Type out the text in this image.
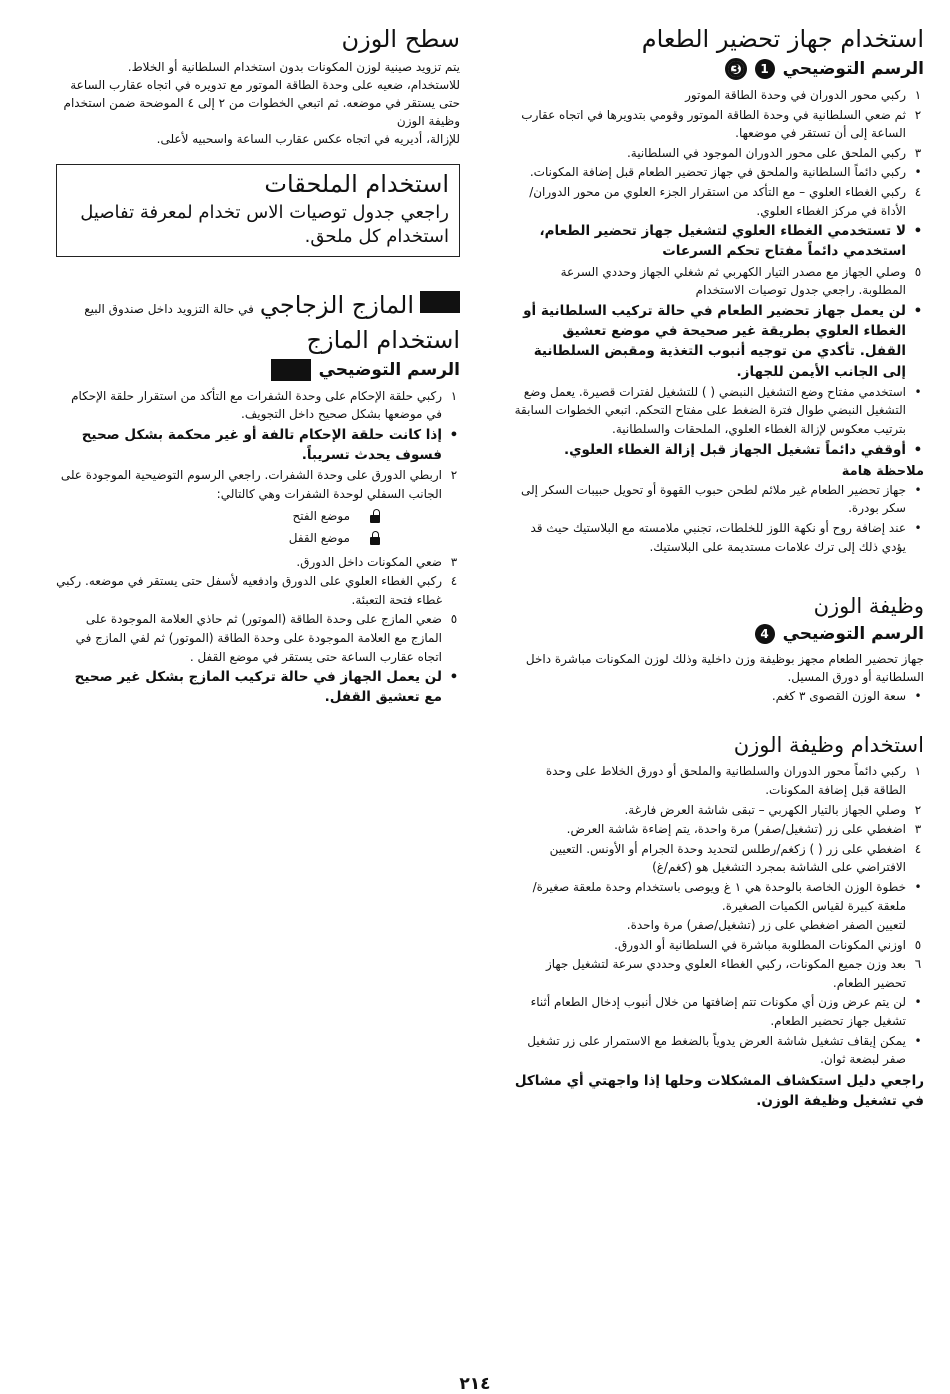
استخدام جهاز تحضير الطعام
الرسم التوضيحي
1
3
١
ركبي محور الدوران في وحدة الطاقة الموتور
٢
ثم ضعي السلطانية في وحدة الطاقة الموتور وقومي بتدويرها في اتجاه عقارب الساعة إلى أن تستقر في موضعها.
٣
ركبي الملحق على محور الدوران الموجود في السلطانية.
•
ركبي دائماً السلطانية والملحق في جهاز تحضير الطعام قبل إضافة المكونات.
٤
ركبي الغطاء العلوي – مع التأكد من استقرار الجزء العلوي من محور الدوران/الأداة في مركز الغطاء العلوي.
•
لا تستخدمي الغطاء العلوي لتشغيل جهاز تحضير الطعام، استخدمي دائماً مفتاح تحكم السرعات
٥
وصلي الجهاز مع مصدر التيار الكهربي ثم شغلي الجهاز وحددي السرعة المطلوبة. راجعي جدول توصيات الاستخدام
•
لن يعمل جهاز تحضير الطعام في حالة تركيب السلطانية أو الغطاء العلوي بطريقة غير صحيحة في موضع تعشيق القفل. تأكدي من توجيه أنبوب التغذية ومقبض السلطانية إلى الجانب الأيمن للجهاز.
•
استخدمي مفتاح وضع التشغيل النبضي ( ) للتشغيل لفترات قصيرة. يعمل وضع التشغيل النبضي طوال فترة الضغط على مفتاح التحكم. اتبعي الخطوات السابقة بترتيب معكوس لإزالة الغطاء العلوي، الملحقات والسلطانية.
•
أوقفي دائماً تشغيل الجهاز قبل إزالة الغطاء العلوي.
ملاحظة هامة
•
جهاز تحضير الطعام غير ملائم لطحن حبوب القهوة أو تحويل حبيبات السكر إلى سكر بودرة.
•
عند إضافة روح أو نكهة اللوز للخلطات، تجنبي ملامسته مع البلاستيك حيث قد يؤدي ذلك إلى ترك علامات مستديمة على البلاستيك.
وظيفة الوزن
الرسم التوضيحي
4

جهاز تحضير الطعام مجهز بوظيفة وزن داخلية وذلك لوزن المكونات مباشرة داخل السلطانية أو دورق المسيل.

•
سعة الوزن القصوى ٣ كغم.
استخدام وظيفة الوزن
١
ركبي دائماً محور الدوران والسلطانية والملحق أو دورق الخلاط على وحدة الطاقة قبل إضافة المكونات.
٢
وصلي الجهاز بالتيار الكهربي – تبقى شاشة العرض فارغة.
٣
اضغطي على زر (تشغيل/صفر) مرة واحدة، يتم إضاءة شاشة العرض.
٤
اضغطي على زر ( ) زكغم/رطلس لتحديد وحدة الجرام أو الأونس. التعيين الافتراضي على الشاشة بمجرد التشغيل هو (كغم/غ)
•
خطوة الوزن الخاصة بالوحدة هي ١ غ ويوصى باستخدام وحدة ملعقة صغيرة/ملعقة كبيرة لقياس الكميات الصغيرة.
لتعيين الصفر اضغطي على زر (تشغيل/صفر) مرة واحدة.
٥
اوزني المكونات المطلوبة مباشرة في السلطانية أو الدورق.
٦
بعد وزن جميع المكونات، ركبي الغطاء العلوي وحددي سرعة لتشغيل جهاز تحضير الطعام.
•
لن يتم عرض وزن أي مكونات تتم إضافتها من خلال أنبوب إدخال الطعام أثناء تشغيل جهاز تحضير الطعام.
•
يمكن إيقاف تشغيل شاشة العرض يدوياً بالضغط مع الاستمرار على زر تشغيل صفر لبضعة ثوان.
راجعي دليل استكشاف المشكلات وحلها إذا واجهتي أي مشاكل في تشغيل وظيفة الوزن.
سطح الوزن

يتم تزويد صينية لوزن المكونات بدون استخدام السلطانية أو الخلاط.

للاستخدام، ضعيه على وحدة الطاقة الموتور مع تدويره في اتجاه عقارب الساعة حتى يستقر في موضعه. ثم اتبعي الخطوات من ٢ إلى ٤ الموضحة ضمن استخدام وظيفة الوزن

للإزالة، أديريه في اتجاه عكس عقارب الساعة واسحبيه لأعلى.

استخدام الملحقات
راجعي جدول توصيات الاس تخدام لمعرفة تفاصيل استخدام كل ملحق.
المازج الزجاجي
في حالة التزويد داخل صندوق البيع
استخدام المازج
الرسم التوضيحي
١
ركبي حلقة الإحكام على وحدة الشفرات مع التأكد من استقرار حلقة الإحكام في موضعها بشكل صحيح داخل التجويف.
•
إذا كانت حلقة الإحكام تالفة أو غير محكمة بشكل صحيح فسوف يحدث تسريباً.
٢
اربطي الدورق على وحدة الشفرات. راجعي الرسوم التوضيحية الموجودة على الجانب السفلي لوحدة الشفرات وهي كالتالي:
موضع الفتح
موضع القفل
٣
ضعي المكونات داخل الدورق.
٤
ركبي الغطاء العلوي على الدورق وادفعيه لأسفل حتى يستقر في موضعه. ركبي غطاء فتحة التعبئة.
٥
ضعي المازج على وحدة الطاقة (الموتور) ثم حاذي العلامة الموجودة على المازج مع العلامة الموجودة على وحدة الطاقة (الموتور) ثم لفي المازج في اتجاه عقارب الساعة حتى يستقر في موضع القفل .
•
لن يعمل الجهاز في حالة تركيب المازج بشكل غير صحيح مع تعشيق القفل.
٢١٤
